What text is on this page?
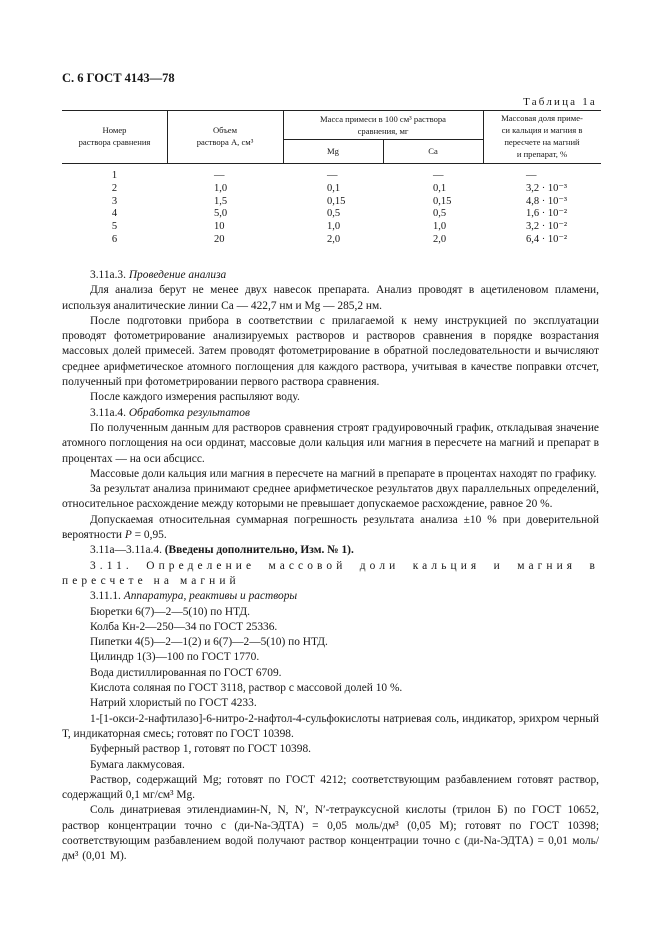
С. 6 ГОСТ 4143—78
Таблица 1а
Номер
раствора сравнения
Объем
раствора А, см³
Масса примеси в 100 см³ раствора
сравнения, мг
Mg	Ca
Массовая доля приме-
си кальция и магния в
пересчете на магний
и препарат, %
1
2
3
4
5
6
—
1,0
1,5
5,0
10
20
—
0,1
0,15
0,5
1,0
2,0
—
0,1
0,15
0,5
1,0
2,0
—
3,2 · 10⁻³
4,8 · 10⁻³
1,6 · 10⁻²
3,2 · 10⁻²
6,4 · 10⁻²

3.11а.3. Проведение анализа

Для анализа берут не менее двух навесок препарата. Анализ проводят в ацетиленовом пламени, используя аналитические линии Са — 422,7 нм и Mg — 285,2 нм.

После подготовки прибора в соответствии с прилагаемой к нему инструкцией по эксплуатации проводят фотометрирование анализируемых растворов и растворов сравнения в порядке возрастания массовых долей примесей. Затем проводят фотометрирование в обратной последовательности и вычисляют среднее арифметическое атомного поглощения для каждого раствора, учитывая в качестве поправки отсчет, полученный при фотометрировании первого раствора сравнения.

После каждого измерения распыляют воду.

3.11а.4. Обработка результатов

По полученным данным для растворов сравнения строят градуировочный график, откладывая значение атомного поглощения на оси ординат, массовые доли кальция или магния в пересчете на магний и препарат в процентах — на оси абсцисс.

Массовые доли кальция или магния в пересчете на магний в препарате в процентах находят по графику.

За результат анализа принимают среднее арифметическое результатов двух параллельных определений, относительное расхождение между которыми не превышает допускаемое расхождение, равное 20 %.

Допускаемая относительная суммарная погрешность результата анализа ±10 % при доверительной вероятности P = 0,95.

3.11а—3.11а.4. (Введены дополнительно, Изм. № 1).

3.11. Определение массовой доли кальция и магния в пересчете на магний

3.11.1. Аппаратура, реактивы и растворы

Бюретки 6(7)—2—5(10) по НТД.

Колба Кн-2—250—34 по ГОСТ 25336.

Пипетки 4(5)—2—1(2) и 6(7)—2—5(10) по НТД.

Цилиндр 1(3)—100 по ГОСТ 1770.

Вода дистиллированная по ГОСТ 6709.

Кислота соляная по ГОСТ 3118, раствор с массовой долей 10 %.

Натрий хлористый по ГОСТ 4233.

1-[1-окси-2-нафтилазо]-6-нитро-2-нафтол-4-сульфокислоты натриевая соль, индикатор, эрихром черный Т, индикаторная смесь; готовят по ГОСТ 10398.

Буферный раствор 1, готовят по ГОСТ 10398.

Бумага лакмусовая.

Раствор, содержащий Mg; готовят по ГОСТ 4212; соответствующим разбавлением готовят раствор, содержащий 0,1 мг/см³ Mg.

Соль динатриевая этилендиамин-N, N, N′, N′-тетрауксусной кислоты (трилон Б) по ГОСТ 10652, раствор концентрации точно с (ди-Na-ЭДТА) = 0,05 моль/дм³ (0,05 М); готовят по ГОСТ 10398; соответствующим разбавлением водой получают раствор концентрации точно с (ди-Na-ЭДТА) = 0,01 моль/дм³ (0,01 М).
